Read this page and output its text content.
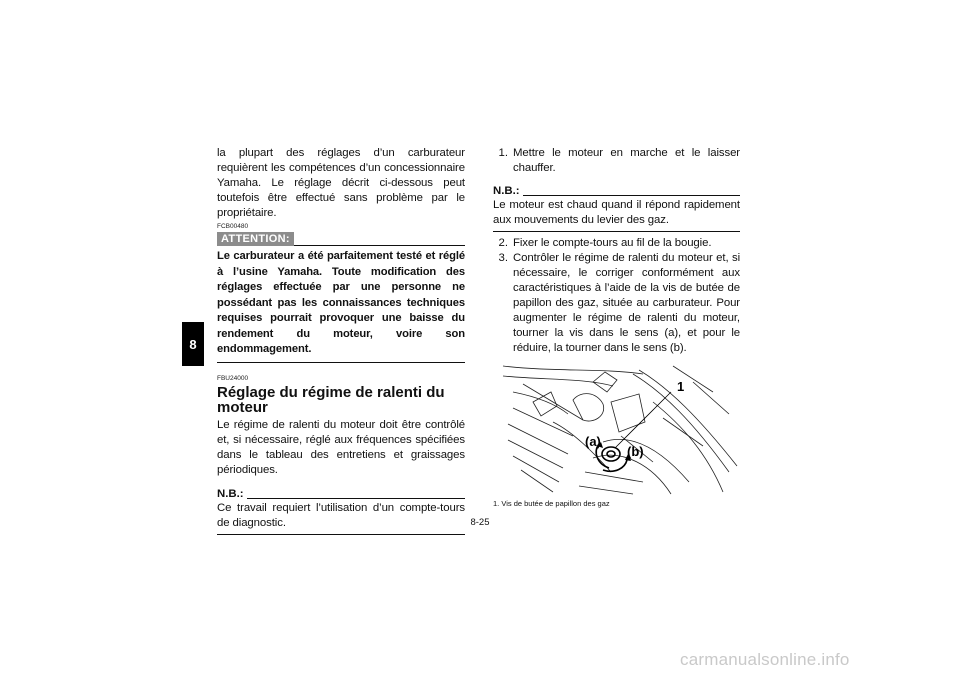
8

la plupart des réglages d’un carburateur requièrent les compétences d’un concessionnaire Yamaha. Le réglage décrit ci-dessous peut toutefois être effectué sans problème par le propriétaire.

FCB00480
ATTENTION:

Le carburateur a été parfaitement testé et réglé à l’usine Yamaha. Toute modification des réglages effectuée par une personne ne possédant pas les connaissances techniques requises pourrait provoquer une baisse du rendement du moteur, voire son endommagement.

FBU24000
Réglage du régime de ralenti du moteur

Le régime de ralenti du moteur doit être contrôlé et, si nécessaire, réglé aux fréquences spécifiées dans le tableau des entretiens et graissages périodiques.

N.B.:

Ce travail requiert l’utilisation d’un compte-tours de diagnostic.

1. Mettre le moteur en marche et le laisser chauffer.
N.B.:

Le moteur est chaud quand il répond rapidement aux mouvements du levier des gaz.

2. Fixer le compte-tours au fil de la bougie.
3. Contrôler le régime de ralenti du moteur et, si nécessaire, le corriger conformément aux caractéristiques à l’aide de la vis de butée de papillon des gaz, située au carburateur. Pour augmenter le régime de ralenti du moteur, tourner la vis dans le sens (a), et pour le réduire, la tourner dans le sens (b).
1
(a)
(b)
1. Vis de butée de papillon des gaz
8-25
carmanualsonline.info
